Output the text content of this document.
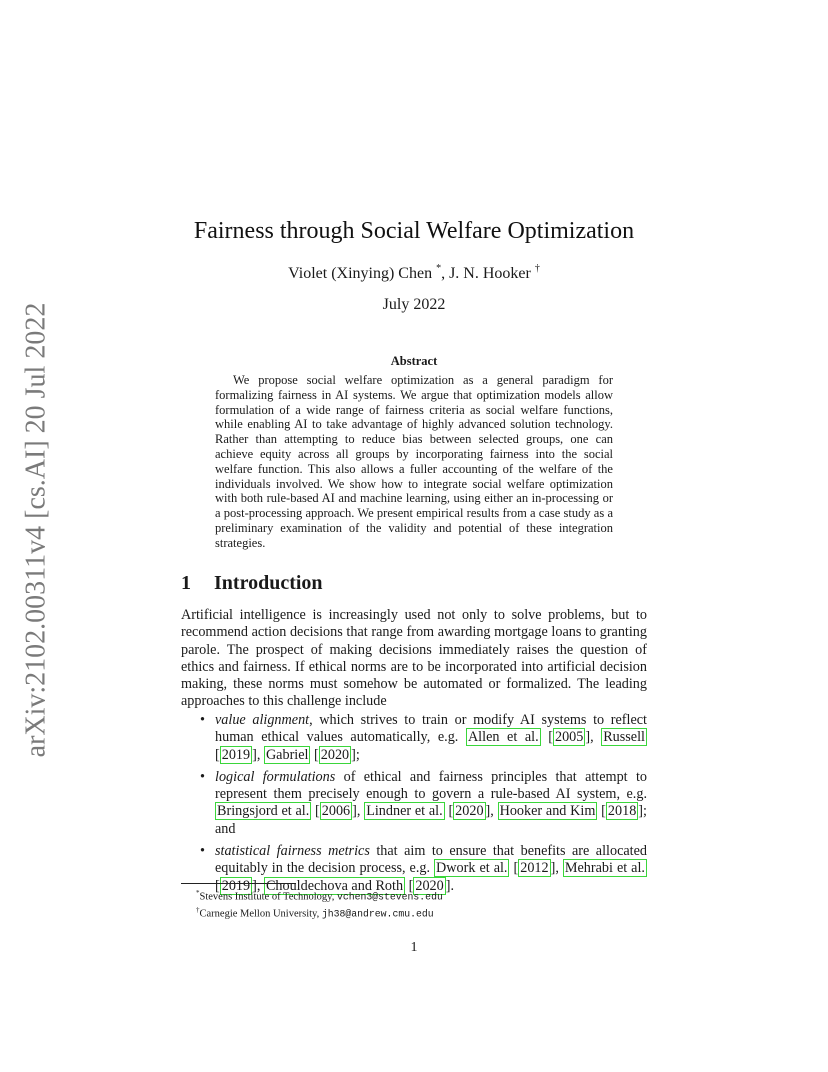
arXiv:2102.00311v4 [cs.AI] 20 Jul 2022
Fairness through Social Welfare Optimization
Violet (Xinying) Chen *, J. N. Hooker †
July 2022
Abstract

We propose social welfare optimization as a general paradigm for formalizing fairness in AI systems. We argue that optimization models allow formulation of a wide range of fairness criteria as social welfare functions, while enabling AI to take advantage of highly advanced solution technology. Rather than attempting to reduce bias between selected groups, one can achieve equity across all groups by incorporating fairness into the social welfare function. This also allows a fuller accounting of the welfare of the individuals involved. We show how to integrate social welfare optimization with both rule-based AI and machine learning, using either an in-processing or a post-processing approach. We present empirical results from a case study as a preliminary examination of the validity and potential of these integration strategies.

1 Introduction

Artificial intelligence is increasingly used not only to solve problems, but to recommend action decisions that range from awarding mortgage loans to granting parole. The prospect of making decisions immediately raises the question of ethics and fairness. If ethical norms are to be incorporated into artificial decision making, these norms must somehow be automated or formalized. The leading approaches to this challenge include

• value alignment, which strives to train or modify AI systems to reflect human ethical values automatically, e.g. Allen et al. [ 2005 ], Russell [ 2019 ], Gabriel [ 2020 ];
• logical formulations of ethical and fairness principles that attempt to represent them precisely enough to govern a rule-based AI system, e.g. Bringsjord et al. [ 2006 ], Lindner et al. [ 2020 ], Hooker and Kim [ 2018 ]; and
• statistical fairness metrics that aim to ensure that benefits are allocated equitably in the decision process, e.g. Dwork et al. [ 2012 ], Mehrabi et al. [ 2019 ], Chouldechova and Roth [ 2020 ].
*Stevens Institute of Technology, vchen3@stevens.edu
†Carnegie Mellon University, jh38@andrew.cmu.edu
1
